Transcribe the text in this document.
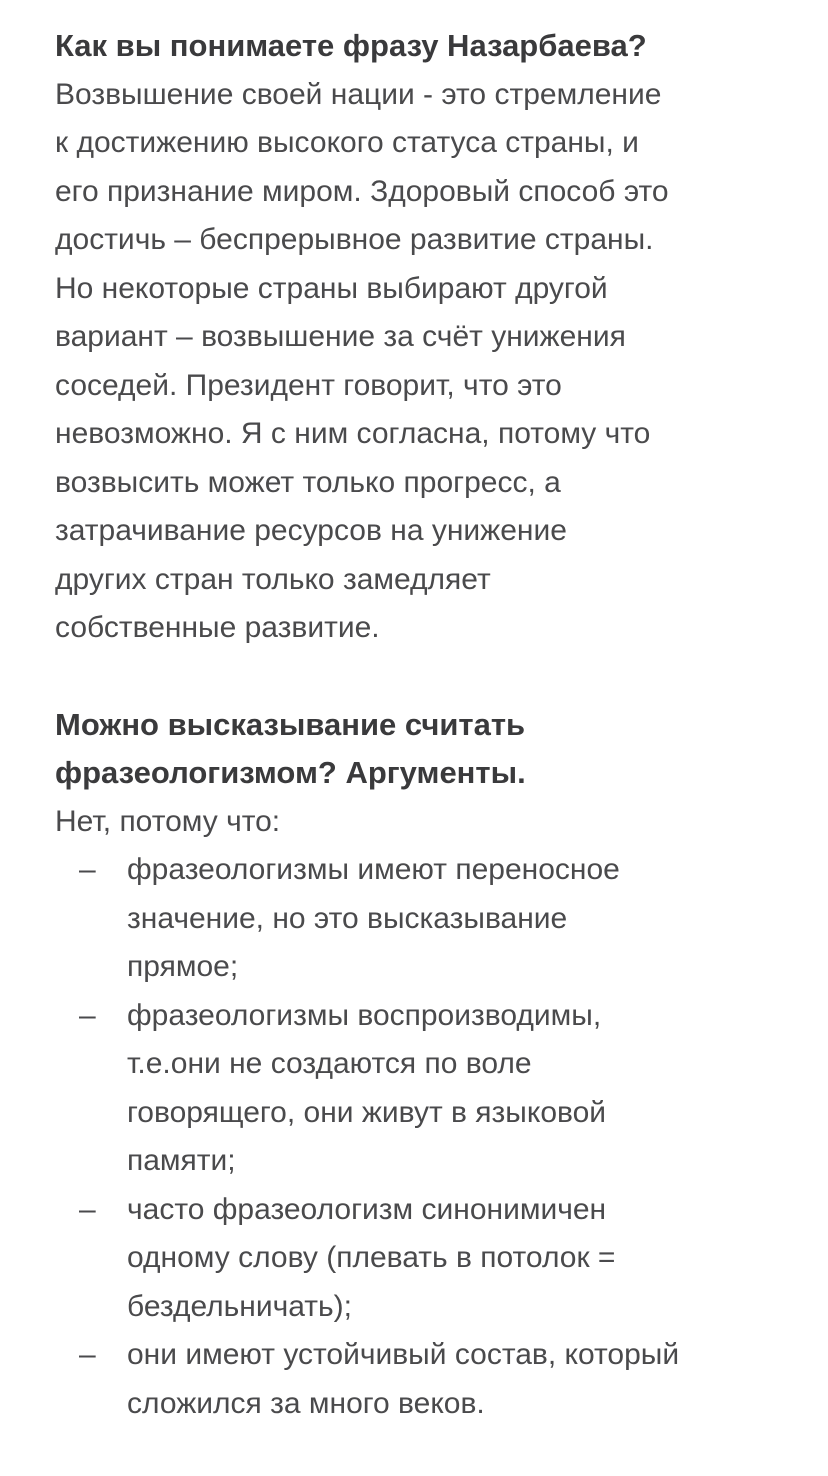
Как вы понимаете фразу Назарбаева?
Возвышение своей нации - это стремление
к достижению высокого статуса страны, и
его признание миром. Здоровый способ это
достичь – беспрерывное развитие страны.
Но некоторые страны выбирают другой
вариант – возвышение за счёт унижения
соседей. Президент говорит, что это
невозможно. Я с ним согласна, потому что
возвысить может только прогресс, а
затрачивание ресурсов на унижение
других стран только замедляет
собственные развитие.
Можно высказывание считать
фразеологизмом? Аргументы.
Нет, потому что:
– фразеологизмы имеют переносное
значение, но это высказывание
прямое;
– фразеологизмы воспроизводимы,
т.е.они не создаются по воле
говорящего, они живут в языковой
памяти;
– часто фразеологизм синонимичен
одному слову (плевать в потолок =
бездельничать);
– они имеют устойчивый состав, который
сложился за много веков.
